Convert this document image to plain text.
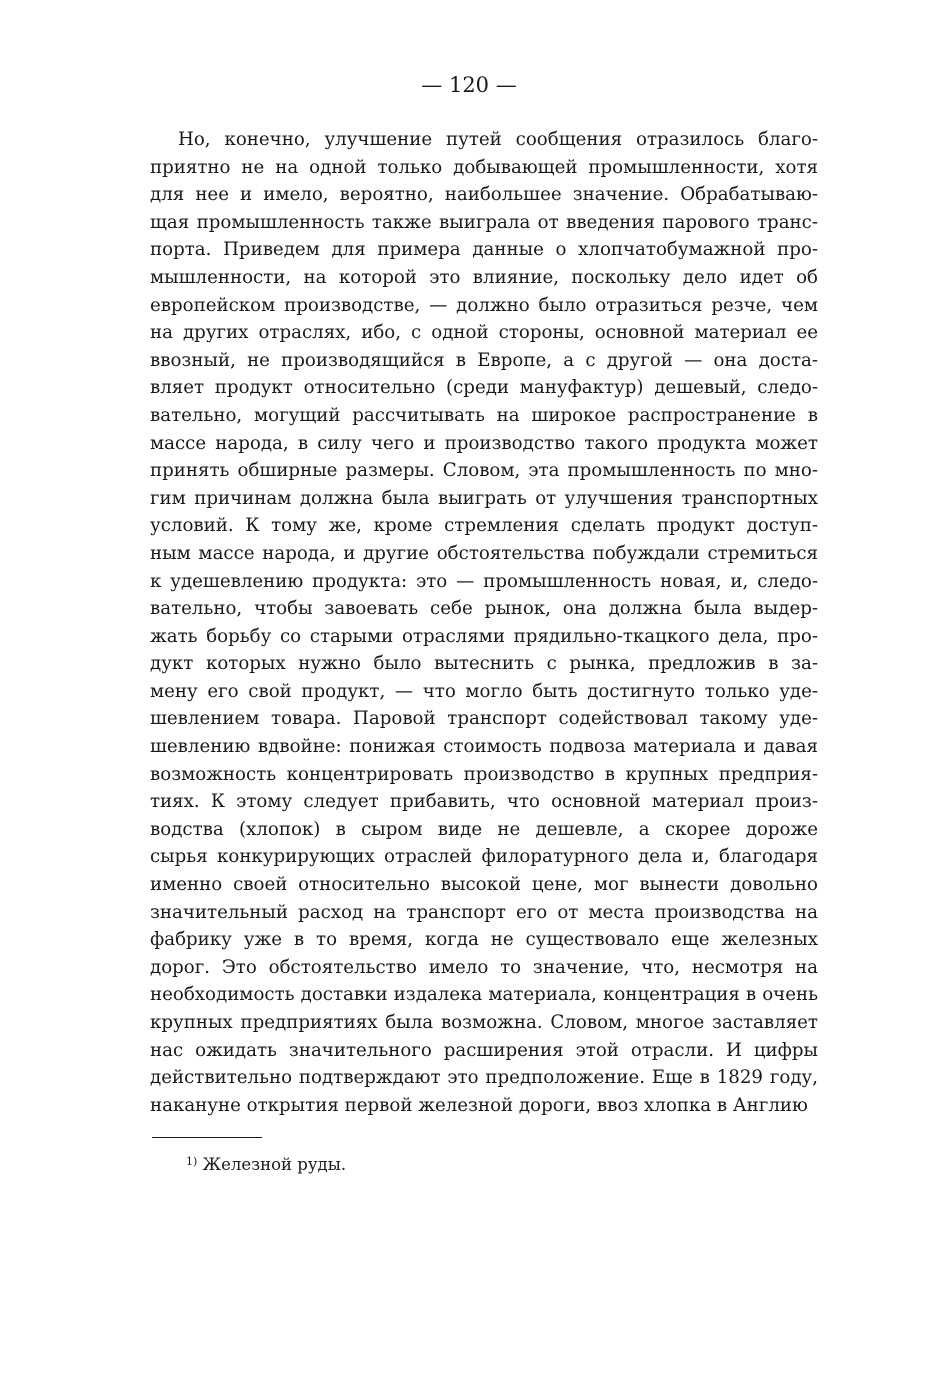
— 120 —
Но, конечно, улучшение путей сообщения отразилось благо-
приятно не на одной только добывающей промышленности, хотя
для нее и имело, вероятно, наибольшее значение. Обрабатываю-
щая промышленность также выиграла от введения парового транс-
порта. Приведем для примера данные о хлопчатобумажной про-
мышленности, на которой это влияние, поскольку дело идет об
европейском производстве, — должно было отразиться резче, чем
на других отраслях, ибо, с одной стороны, основной материал ее
ввозный, не производящийся в Европе, а с другой — она доста-
вляет продукт относительно (среди мануфактур) дешевый, следо-
вательно, могущий рассчитывать на широкое распространение в
массе народа, в силу чего и производство такого продукта может
принять обширные размеры. Словом, эта промышленность по мно-
гим причинам должна была выиграть от улучшения транспортных
условий. К тому же, кроме стремления сделать продукт доступ-
ным массе народа, и другие обстоятельства побуждали стремиться
к удешевлению продукта: это — промышленность новая, и, следо-
вательно, чтобы завоевать себе рынок, она должна была выдер-
жать борьбу со старыми отраслями прядильно-ткацкого дела, про-
дукт которых нужно было вытеснить с рынка, предложив в за-
мену его свой продукт, — что могло быть достигнуто только уде-
шевлением товара. Паровой транспорт содействовал такому уде-
шевлению вдвойне: понижая стоимость подвоза материала и давая
возможность концентрировать производство в крупных предприя-
тиях. К этому следует прибавить, что основной материал произ-
водства (хлопок) в сыром виде не дешевле, а скорее дороже
сырья конкурирующих отраслей филоратурного дела и, благодаря
именно своей относительно высокой цене, мог вынести довольно
значительный расход на транспорт его от места производства на
фабрику уже в то время, когда не существовало еще железных
дорог. Это обстоятельство имело то значение, что, несмотря на
необходимость доставки издалека материала, концентрация в очень
крупных предприятиях была возможна. Словом, многое заставляет
нас ожидать значительного расширения этой отрасли. И цифры
действительно подтверждают это предположение. Еще в 1829 году,
накануне открытия первой железной дороги, ввоз хлопка в Англию
$^{1)}$ Железной руды.
